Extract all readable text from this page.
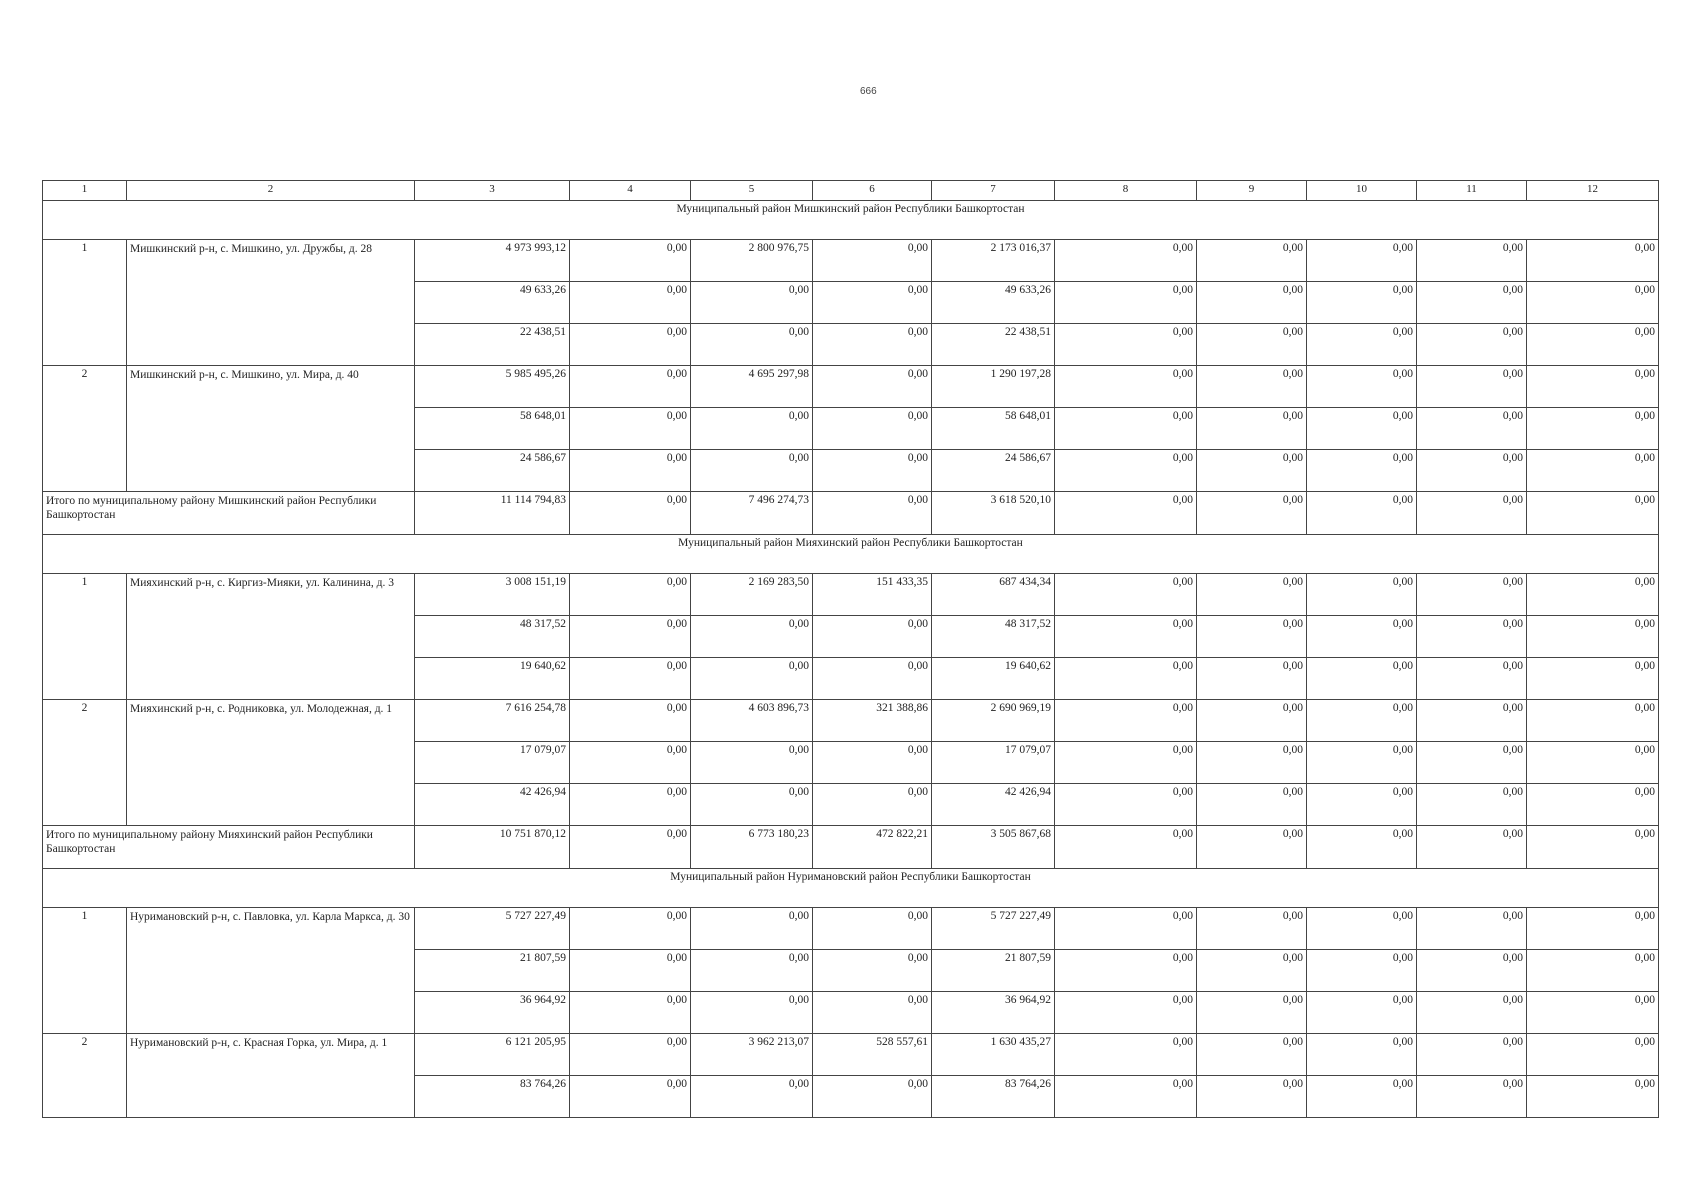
666
1	2	3	4	5	6	7	8	9	10	11	12
Муниципальный район Мишкинский район Республики Башкортостан											
1	Мишкинский р-н, с. Мишкино, ул. Дружбы, д. 28	4 973 993,12	0,00	2 800 976,75	0,00	2 173 016,37	0,00	0,00	0,00	0,00	0,00
		49 633,26	0,00	0,00	0,00	49 633,26	0,00	0,00	0,00	0,00	0,00
		22 438,51	0,00	0,00	0,00	22 438,51	0,00	0,00	0,00	0,00	0,00
2	Мишкинский р-н, с. Мишкино, ул. Мира, д. 40	5 985 495,26	0,00	4 695 297,98	0,00	1 290 197,28	0,00	0,00	0,00	0,00	0,00
		58 648,01	0,00	0,00	0,00	58 648,01	0,00	0,00	0,00	0,00	0,00
		24 586,67	0,00	0,00	0,00	24 586,67	0,00	0,00	0,00	0,00	0,00
Итого по муниципальному району Мишкинский район Республики Башкортостан		11 114 794,83	0,00	7 496 274,73	0,00	3 618 520,10	0,00	0,00	0,00	0,00	0,00
Муниципальный район Мияхинский район Республики Башкортостан											
1	Мияхинский р-н, с. Киргиз-Мияки, ул. Калинина, д. 3	3 008 151,19	0,00	2 169 283,50	151 433,35	687 434,34	0,00	0,00	0,00	0,00	0,00
		48 317,52	0,00	0,00	0,00	48 317,52	0,00	0,00	0,00	0,00	0,00
		19 640,62	0,00	0,00	0,00	19 640,62	0,00	0,00	0,00	0,00	0,00
2	Мияхинский р-н, с. Родниковка, ул. Молодежная, д. 1	7 616 254,78	0,00	4 603 896,73	321 388,86	2 690 969,19	0,00	0,00	0,00	0,00	0,00
		17 079,07	0,00	0,00	0,00	17 079,07	0,00	0,00	0,00	0,00	0,00
		42 426,94	0,00	0,00	0,00	42 426,94	0,00	0,00	0,00	0,00	0,00
Итого по муниципальному району Мияхинский район Республики Башкортостан		10 751 870,12	0,00	6 773 180,23	472 822,21	3 505 867,68	0,00	0,00	0,00	0,00	0,00
Муниципальный район Нуримановский район Республики Башкортостан											
1	Нуримановский р-н, с. Павловка, ул. Карла Маркса, д. 30	5 727 227,49	0,00	0,00	0,00	5 727 227,49	0,00	0,00	0,00	0,00	0,00
		21 807,59	0,00	0,00	0,00	21 807,59	0,00	0,00	0,00	0,00	0,00
		36 964,92	0,00	0,00	0,00	36 964,92	0,00	0,00	0,00	0,00	0,00
2	Нуримановский р-н, с. Красная Горка, ул. Мира, д. 1	6 121 205,95	0,00	3 962 213,07	528 557,61	1 630 435,27	0,00	0,00	0,00	0,00	0,00
		83 764,26	0,00	0,00	0,00	83 764,26	0,00	0,00	0,00	0,00	0,00
